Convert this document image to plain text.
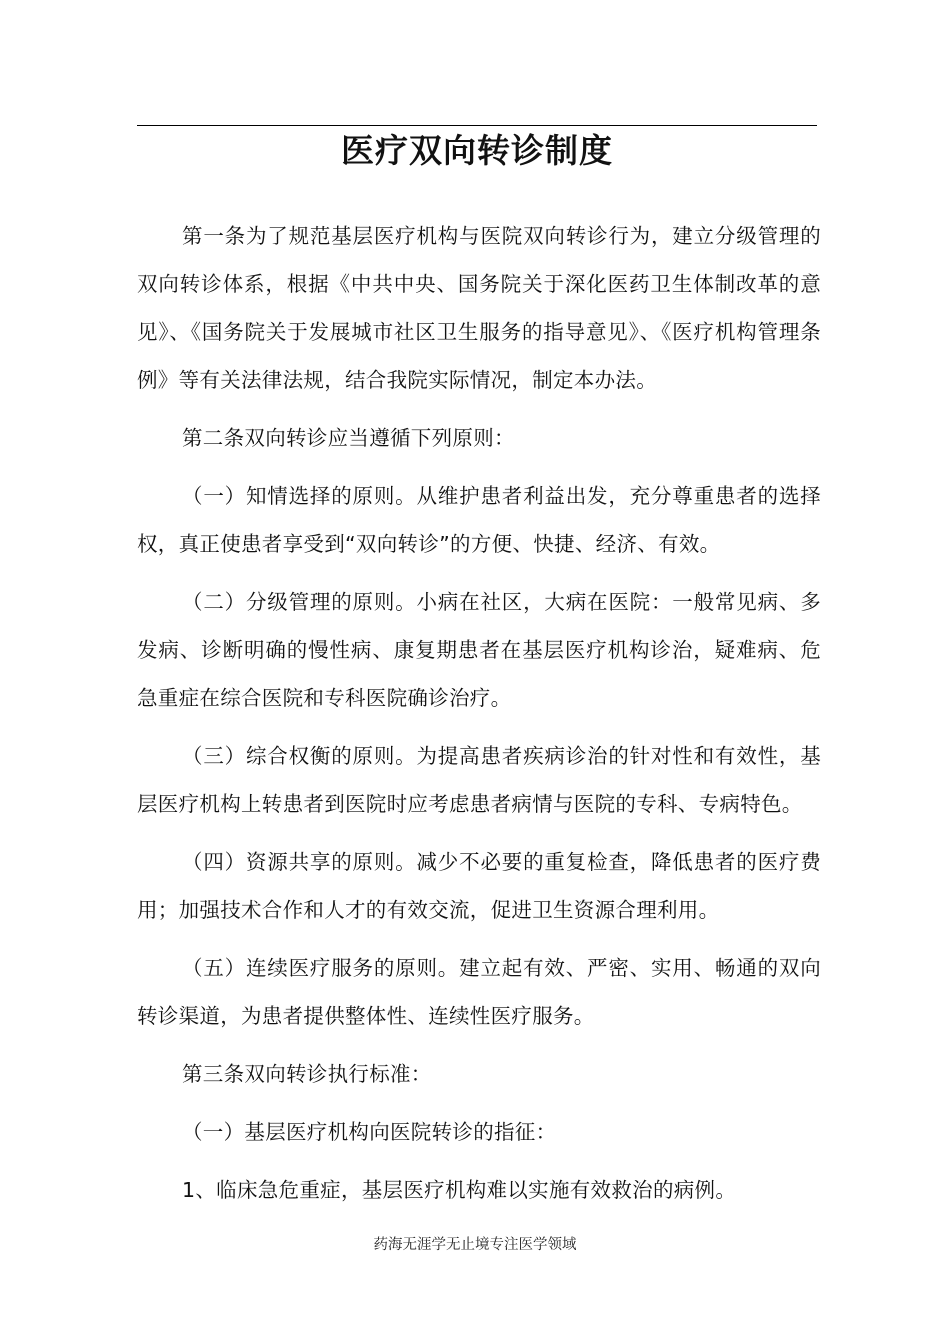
医疗双向转诊制度

第一条为了规范基层医疗机构与医院双向转诊行为，建立分级管理的双向转诊体系，根据《中共中央、国务院关于深化医药卫生体制改革的意见》、《国务院关于发展城市社区卫生服务的指导意见》、《医疗机构管理条例》等有关法律法规，结合我院实际情况，制定本办法。

第二条双向转诊应当遵循下列原则：

（一）知情选择的原则。从维护患者利益出发，充分尊重患者的选择权，真正使患者享受到“双向转诊”的方便、快捷、经济、有效。

（二）分级管理的原则。小病在社区，大病在医院：一般常见病、多发病、诊断明确的慢性病、康复期患者在基层医疗机构诊治，疑难病、危急重症在综合医院和专科医院确诊治疗。

（三）综合权衡的原则。为提高患者疾病诊治的针对性和有效性，基层医疗机构上转患者到医院时应考虑患者病情与医院的专科、专病特色。

（四）资源共享的原则。减少不必要的重复检查，降低患者的医疗费用；加强技术合作和人才的有效交流，促进卫生资源合理利用。

（五）连续医疗服务的原则。建立起有效、严密、实用、畅通的双向转诊渠道，为患者提供整体性、连续性医疗服务。

第三条双向转诊执行标准：

（一）基层医疗机构向医院转诊的指征：

1、临床急危重症，基层医疗机构难以实施有效救治的病例。

药海无涯学无止境专注医学领域
